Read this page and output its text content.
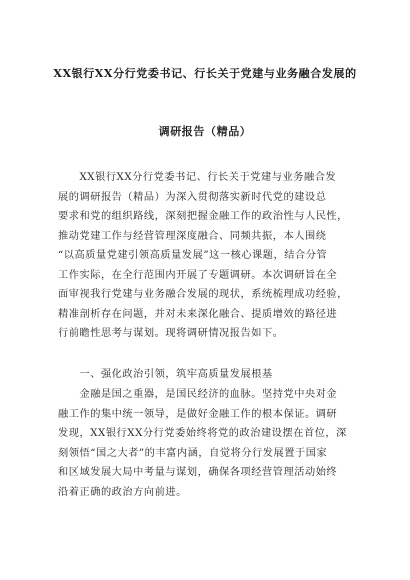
XX银行XX分行党委书记、行长关于党建与业务融合发展的
调研报告（精品）
　　XX银行XX分行党委书记、行长关于党建与业务融合发
展的调研报告（精品）为深入贯彻落实新时代党的建设总
要求和党的组织路线，深刻把握金融工作的政治性与人民性，
推动党建工作与经营管理深度融合、同频共振，本人围绕
“以高质量党建引领高质量发展”这一核心课题，结合分管
工作实际，在全行范围内开展了专题调研。本次调研旨在全
面审视我行党建与业务融合发展的现状，系统梳理成功经验，
精准剖析存在问题，并对未来深化融合、提质增效的路径进
行前瞻性思考与谋划。现将调研情况报告如下。
　　一、强化政治引领，筑牢高质量发展根基
　　金融是国之重器，是国民经济的血脉。坚持党中央对金
融工作的集中统一领导，是做好金融工作的根本保证。调研
发现，XX银行XX分行党委始终将党的政治建设摆在首位，深
刻领悟“国之大者”的丰富内涵，自觉将分行发展置于国家
和区域发展大局中考量与谋划，确保各项经营管理活动始终
沿着正确的政治方向前进。
